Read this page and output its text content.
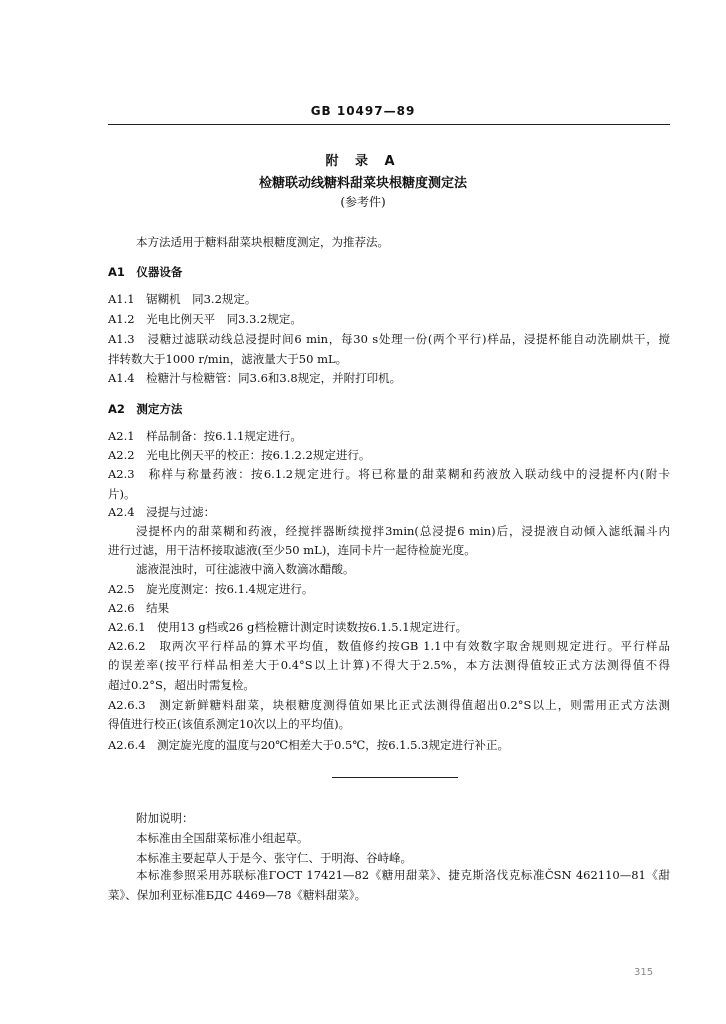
GB 10497—89
附 录 A
检糖联动线糖料甜菜块根糖度测定法
(参考件)
本方法适用于糖料甜菜块根糖度测定，为推荐法。
A1　仪器设备
A1.1　锯糊机　同3.2规定。
A1.2　光电比例天平　同3.3.2规定。
A1.3　浸糖过滤联动线总浸提时间6 min，每30 s处理一份(两个平行)样品，浸提杯能自动洗刷烘干，搅
拌转数大于1000 r/min，滤液量大于50 mL。
A1.4　检糖汁与检糖管：同3.6和3.8规定，并附打印机。
A2　测定方法
A2.1　样品制备：按6.1.1规定进行。
A2.2　光电比例天平的校正：按6.1.2.2规定进行。
A2.3　称样与称量药液：按6.1.2规定进行。将已称量的甜菜糊和药液放入联动线中的浸提杯内(附卡
片)。
A2.4　浸提与过滤：
浸提杯内的甜菜糊和药液，经搅拌器断续搅拌3min(总浸提6 min)后，浸提液自动倾入滤纸漏斗内
进行过滤，用干洁杯接取滤液(至少50 mL)，连同卡片一起待检旋光度。
滤液混浊时，可往滤液中滴入数滴冰醋酸。
A2.5　旋光度测定：按6.1.4规定进行。
A2.6　结果
A2.6.1　使用13 g档或26 g档检糖计测定时读数按6.1.5.1规定进行。
A2.6.2　取两次平行样品的算术平均值，数值修约按GB 1.1中有效数字取舍规则规定进行。平行样品
的误差率(按平行样品相差大于0.4°S以上计算)不得大于2.5%，本方法测得值较正式方法测得值不得
超过0.2°S，超出时需复检。
A2.6.3　测定新鲜糖料甜菜，块根糖度测得值如果比正式法测得值超出0.2°S以上，则需用正式方法测
得值进行校正(该值系测定10次以上的平均值)。
A2.6.4　测定旋光度的温度与20℃相差大于0.5℃，按6.1.5.3规定进行补正。
附加说明：
本标准由全国甜菜标准小组起草。
本标准主要起草人于是今、张守仁、于明海、谷峙峰。
本标准参照采用苏联标准ГОСТ 17421—82《糖用甜菜》、捷克斯洛伐克标准ČSN 462110—81《甜
菜》、保加利亚标准БДС 4469—78《糖料甜菜》。
315
